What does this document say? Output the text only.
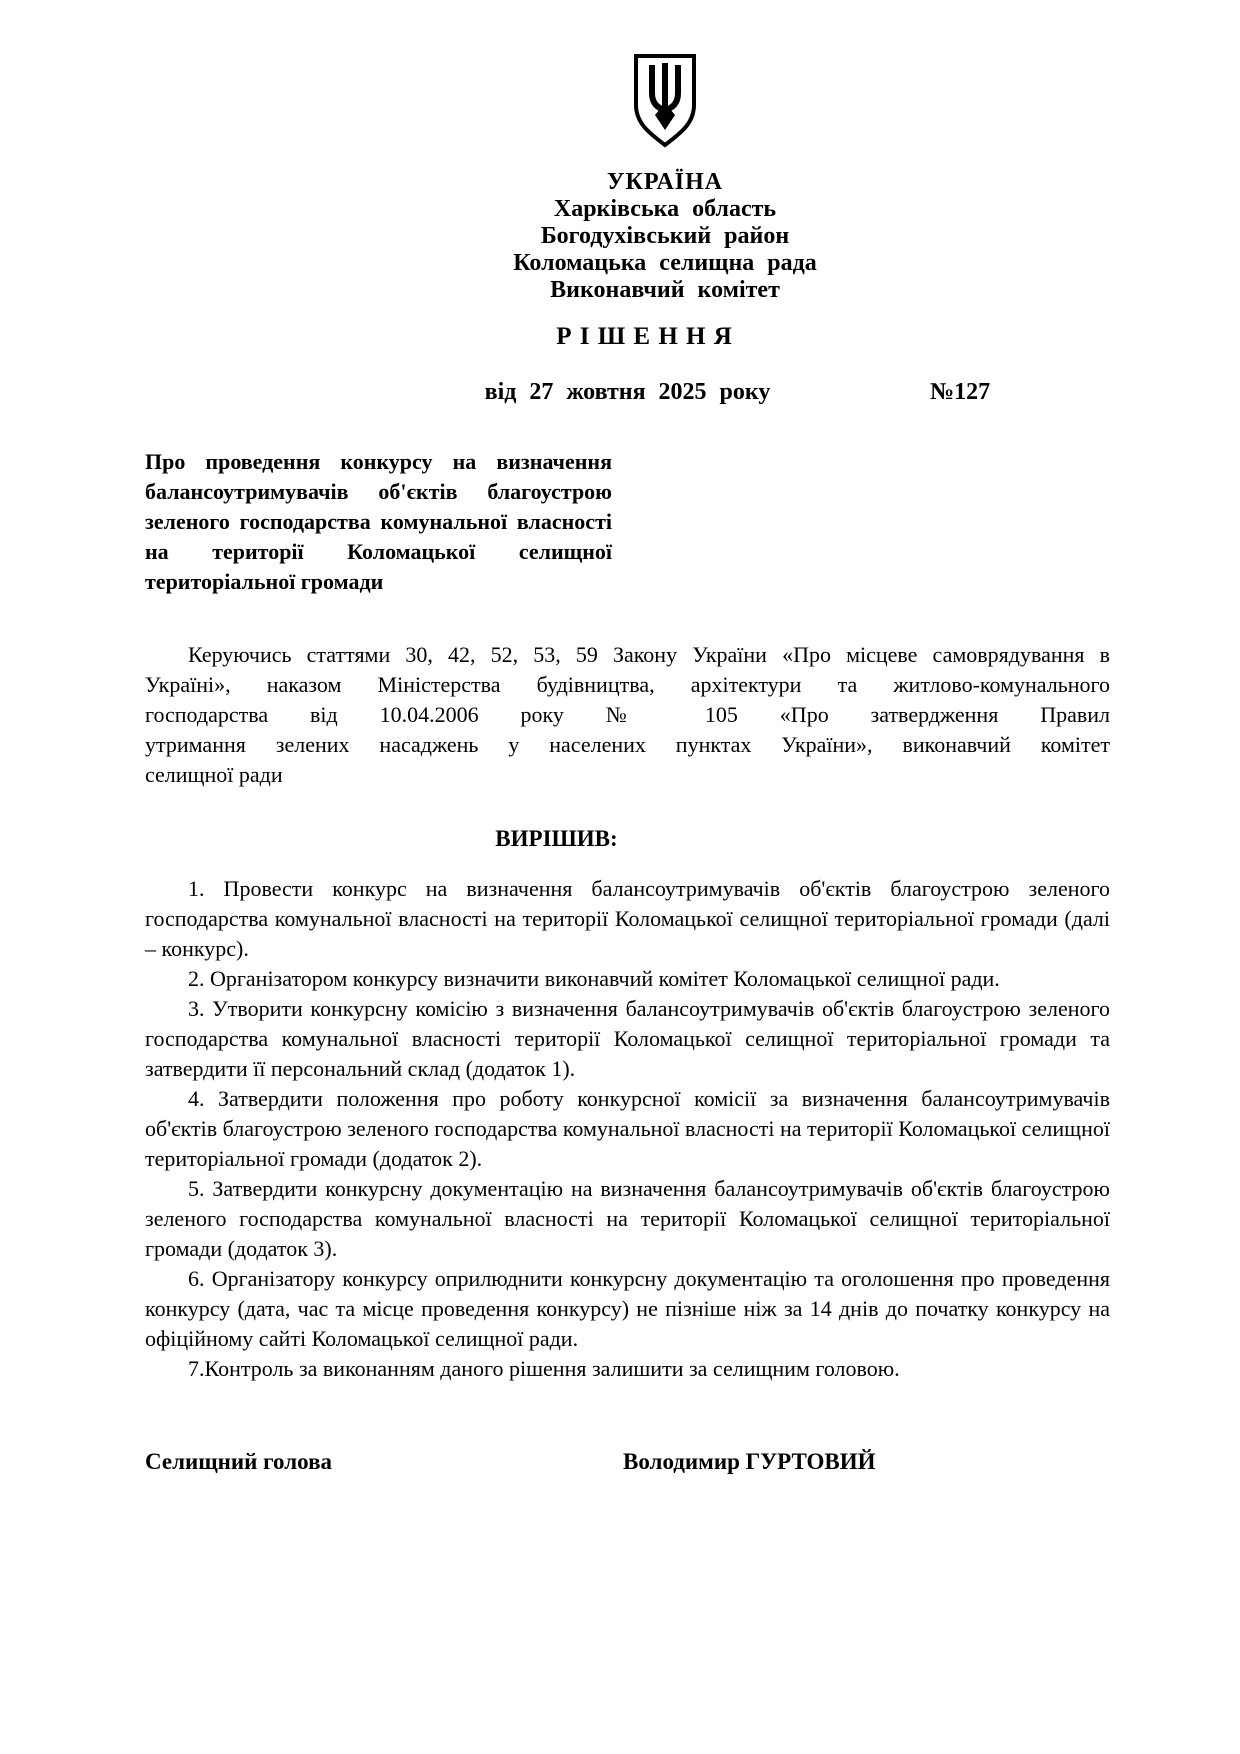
УКРАЇНА
Харківська область
Богодухівський район
Коломацька селищна рада
Виконавчий комітет
Р І Ш Е Н Н Я
від 27 жовтня 2025 року	№127
Про проведення конкурсу на визначення балансоутримувачів об'єктів благоустрою зеленого господарства комунальної власності на території Коломацької селищної територіальної громади
Керуючись статтями 30, 42, 52, 53, 59 Закону України «Про місцеве самоврядування в
Україні», наказом Міністерства будівництва, архітектури та житлово-комунального
господарства від 10.04.2006 року № 105 «Про затвердження Правил
утримання зелених насаджень у населених пунктах України», виконавчий комітет
селищної ради
ВИРІШИВ:

1. Провести конкурс на визначення балансоутримувачів об'єктів благоустрою зеленого господарства комунальної власності на території Коломацької селищної територіальної громади (далі – конкурс).

2. Організатором конкурсу визначити виконавчий комітет Коломацької селищної ради.

3. Утворити конкурсну комісію з визначення балансоутримувачів об'єктів благоустрою зеленого господарства комунальної власності території Коломацької селищної територіальної громади та затвердити її персональний склад (додаток 1).

4. Затвердити положення про роботу конкурсної комісії за визначення балансоутримувачів об'єктів благоустрою зеленого господарства комунальної власності на території Коломацької селищної територіальної громади (додаток 2).

5. Затвердити конкурсну документацію на визначення балансоутримувачів об'єктів благоустрою зеленого господарства комунальної власності на території Коломацької селищної територіальної громади (додаток 3).

6. Організатору конкурсу оприлюднити конкурсну документацію та оголошення про проведення конкурсу (дата, час та місце проведення конкурсу) не пізніше ніж за 14 днів до початку конкурсу на офіційному сайті Коломацької селищної ради.

7.Контроль за виконанням даного рішення залишити за селищним головою.

Селищний голова	Володимир ГУРТОВИЙ
